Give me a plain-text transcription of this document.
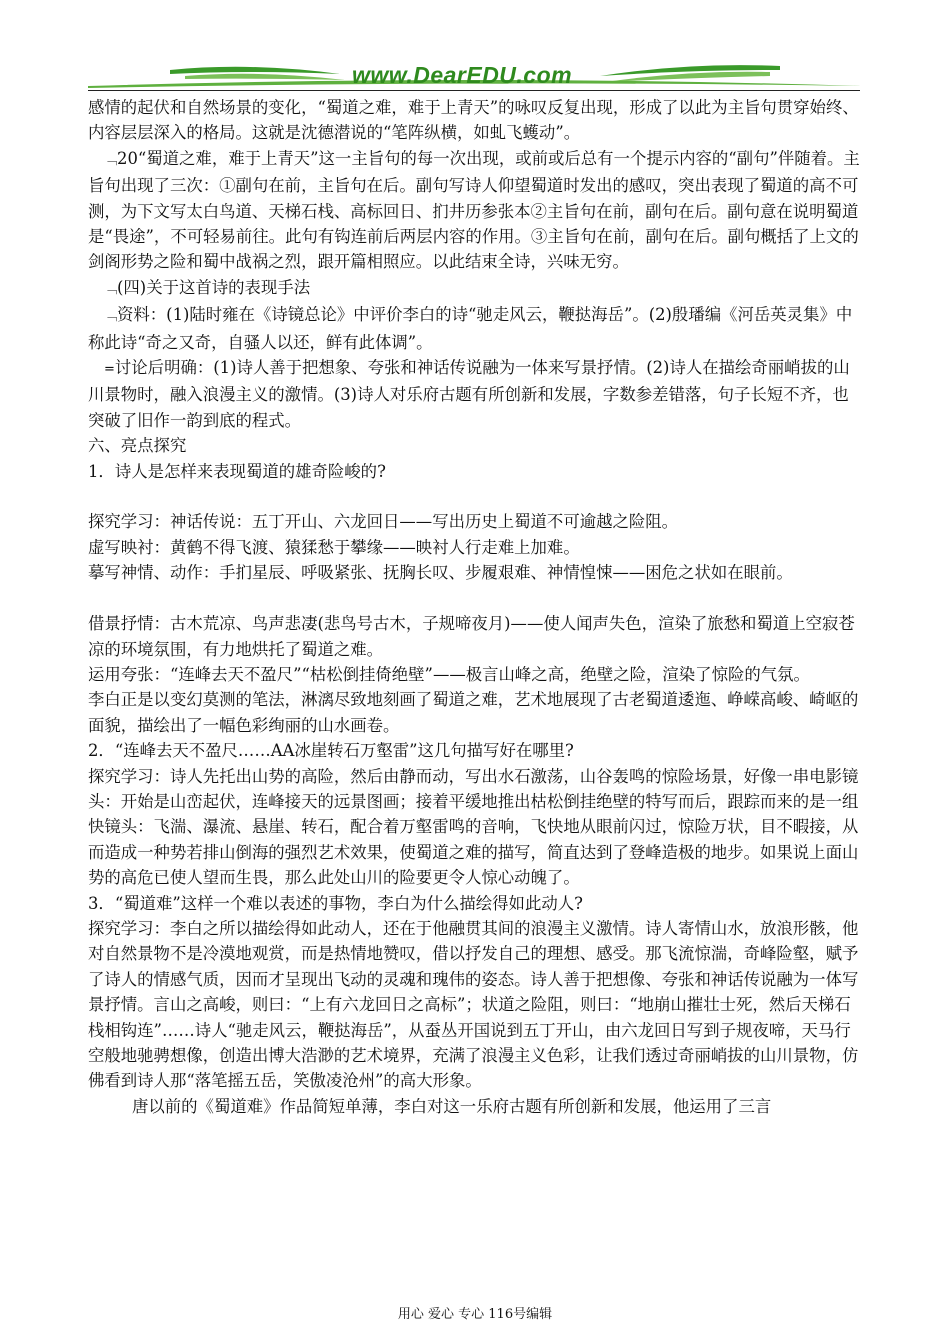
www.DearEDU.com

感情的起伏和自然场景的变化，“蜀道之难，难于上青天”的咏叹反复出现，形成了以此为主旨句贯穿始终、内容层层深入的格局。这就是沈德潜说的“笔阵纵横，如虬飞蠖动”。

﹁20“蜀道之难，难于上青天”这一主旨句的每一次出现，或前或后总有一个提示内容的“副句”伴随着。主旨句出现了三次：①副句在前，主旨句在后。副句写诗人仰望蜀道时发出的感叹，突出表现了蜀道的高不可测，为下文写太白鸟道、天梯石栈、高标回日、扪井历参张本②主旨句在前，副句在后。副句意在说明蜀道是“畏途”，不可轻易前往。此句有钩连前后两层内容的作用。③主旨句在前，副句在后。副句概括了上文的剑阁形势之险和蜀中战祸之烈，跟开篇相照应。以此结束全诗，兴味无穷。

﹁(四)关于这首诗的表现手法

﹁资料：(1)陆时雍在《诗镜总论》中评价李白的诗“驰走风云，鞭挞海岳”。(2)殷璠编《河岳英灵集》中称此诗“奇之又奇，自骚人以还，鲜有此体调”。

=讨论后明确：(1)诗人善于把想象、夸张和神话传说融为一体来写景抒情。(2)诗人在描绘奇丽峭拔的山川景物时，融入浪漫主义的激情。(3)诗人对乐府古题有所创新和发展，字数参差错落，句子长短不齐，也突破了旧作一韵到底的程式。

六、亮点探究

1．诗人是怎样来表现蜀道的雄奇险峻的?

探究学习：神话传说：五丁开山、六龙回日——写出历史上蜀道不可逾越之险阻。

虚写映衬：黄鹤不得飞渡、猿猱愁于攀缘——映衬人行走难上加难。

摹写神情、动作：手扪星辰、呼吸紧张、抚胸长叹、步履艰难、神情惶悚——困危之状如在眼前。

借景抒情：古木荒凉、鸟声悲凄(悲鸟号古木，子规啼夜月)——使人闻声失色，渲染了旅愁和蜀道上空寂苍凉的环境氛围，有力地烘托了蜀道之难。

运用夸张：“连峰去天不盈尺”“枯松倒挂倚绝壁”——极言山峰之高，绝壁之险，渲染了惊险的气氛。

李白正是以变幻莫测的笔法，淋漓尽致地刻画了蜀道之难，艺术地展现了古老蜀道逶迤、峥嵘高峻、崎岖的面貌，描绘出了一幅色彩绚丽的山水画卷。

2．“连峰去天不盈尺……AA冰崖转石万壑雷”这几句描写好在哪里?

探究学习：诗人先托出山势的高险，然后由静而动，写出水石激荡，山谷轰鸣的惊险场景，好像一串电影镜头：开始是山峦起伏，连峰接天的远景图画；接着平缓地推出枯松倒挂绝壁的特写而后，跟踪而来的是一组快镜头：飞湍、瀑流、悬崖、转石，配合着万壑雷鸣的音响，飞快地从眼前闪过，惊险万状，目不暇接，从而造成一种势若排山倒海的强烈艺术效果，使蜀道之难的描写，简直达到了登峰造极的地步。如果说上面山势的高危已使人望而生畏，那么此处山川的险要更令人惊心动魄了。

3．“蜀道难”这样一个难以表述的事物，李白为什么描绘得如此动人?

探究学习：李白之所以描绘得如此动人，还在于他融贯其间的浪漫主义激情。诗人寄情山水，放浪形骸，他对自然景物不是冷漠地观赏，而是热情地赞叹，借以抒发自己的理想、感受。那飞流惊湍，奇峰险壑，赋予了诗人的情感气质，因而才呈现出飞动的灵魂和瑰伟的姿态。诗人善于把想像、夸张和神话传说融为一体写景抒情。言山之高峻，则曰：“上有六龙回日之高标”；状道之险阻，则曰：“地崩山摧壮士死，然后天梯石栈相钩连”……诗人“驰走风云，鞭挞海岳”，从蚕丛开国说到五丁开山，由六龙回日写到子规夜啼，天马行空般地驰骋想像，创造出博大浩渺的艺术境界，充满了浪漫主义色彩，让我们透过奇丽峭拔的山川景物，仿佛看到诗人那“落笔摇五岳，笑傲凌沧州”的高大形象。

唐以前的《蜀道难》作品简短单薄，李白对这一乐府古题有所创新和发展，他运用了三言

用心 爱心 专心 116号编辑
